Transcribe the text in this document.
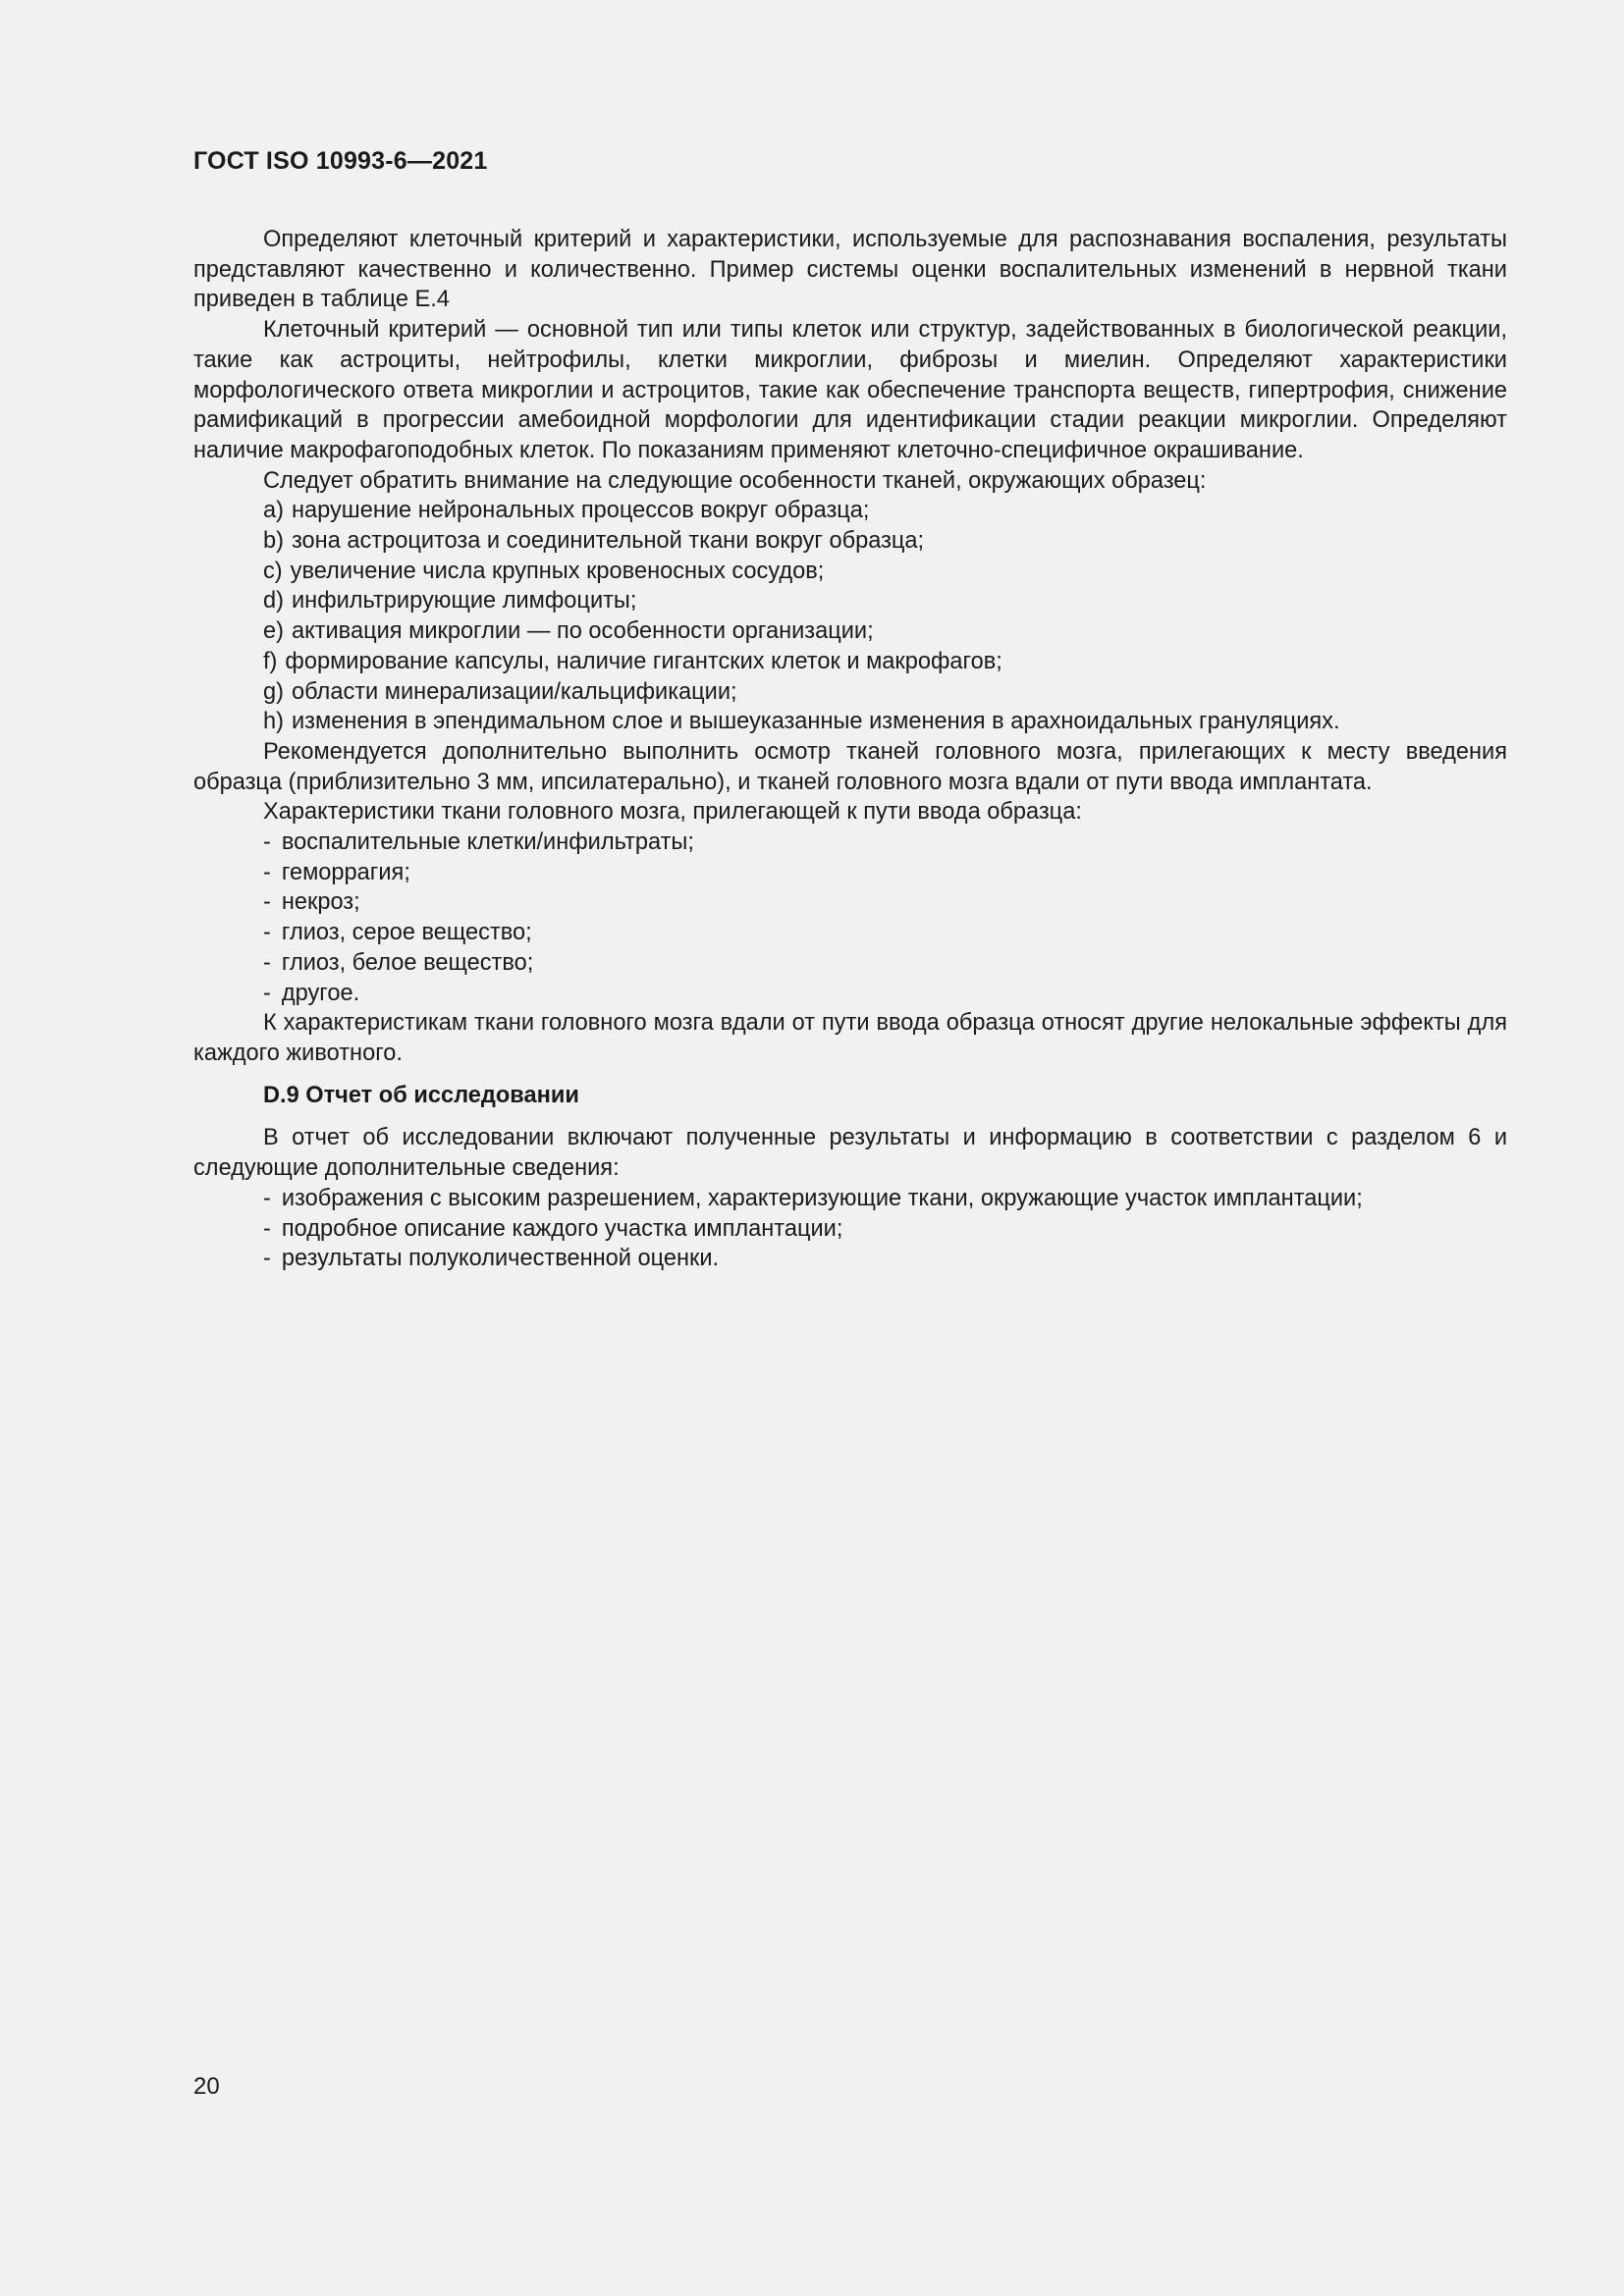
ГОСТ ISO 10993-6—2021

Определяют клеточный критерий и характеристики, используемые для распознавания воспаления, результаты представляют качественно и количественно. Пример системы оценки воспалительных изменений в нервной ткани приведен в таблице Е.4

Клеточный критерий — основной тип или типы клеток или структур, задействованных в биологической реакции, такие как астроциты, нейтрофилы, клетки микроглии, фиброзы и миелин. Определяют характеристики морфологического ответа микроглии и астроцитов, такие как обеспечение транспорта веществ, гипертрофия, снижение рамификаций в прогрессии амебоидной морфологии для идентификации стадии реакции микроглии. Определяют наличие макрофагоподобных клеток. По показаниям применяют клеточно-специфичное окрашивание.

Следует обратить внимание на следующие особенности тканей, окружающих образец:

a) нарушение нейрональных процессов вокруг образца;
b) зона астроцитоза и соединительной ткани вокруг образца;
c) увеличение числа крупных кровеносных сосудов;
d) инфильтрирующие лимфоциты;
e) активация микроглии — по особенности организации;
f) формирование капсулы, наличие гигантских клеток и макрофагов;
g) области минерализации/кальцификации;
h) изменения в эпендимальном слое и вышеуказанные изменения в арахноидальных грануляциях.

Рекомендуется дополнительно выполнить осмотр тканей головного мозга, прилегающих к месту введения образца (приблизительно 3 мм, ипсилатерально), и тканей головного мозга вдали от пути ввода имплантата.

Характеристики ткани головного мозга, прилегающей к пути ввода образца:

- воспалительные клетки/инфильтраты;
- геморрагия;
- некроз;
- глиоз, серое вещество;
- глиоз, белое вещество;
- другое.

К характеристикам ткани головного мозга вдали от пути ввода образца относят другие нелокальные эффекты для каждого животного.

D.9 Отчет об исследовании

В отчет об исследовании включают полученные результаты и информацию в соответствии с разделом 6 и следующие дополнительные сведения:

- изображения с высоким разрешением, характеризующие ткани, окружающие участок имплантации;
- подробное описание каждого участка имплантации;
- результаты полуколичественной оценки.
20
